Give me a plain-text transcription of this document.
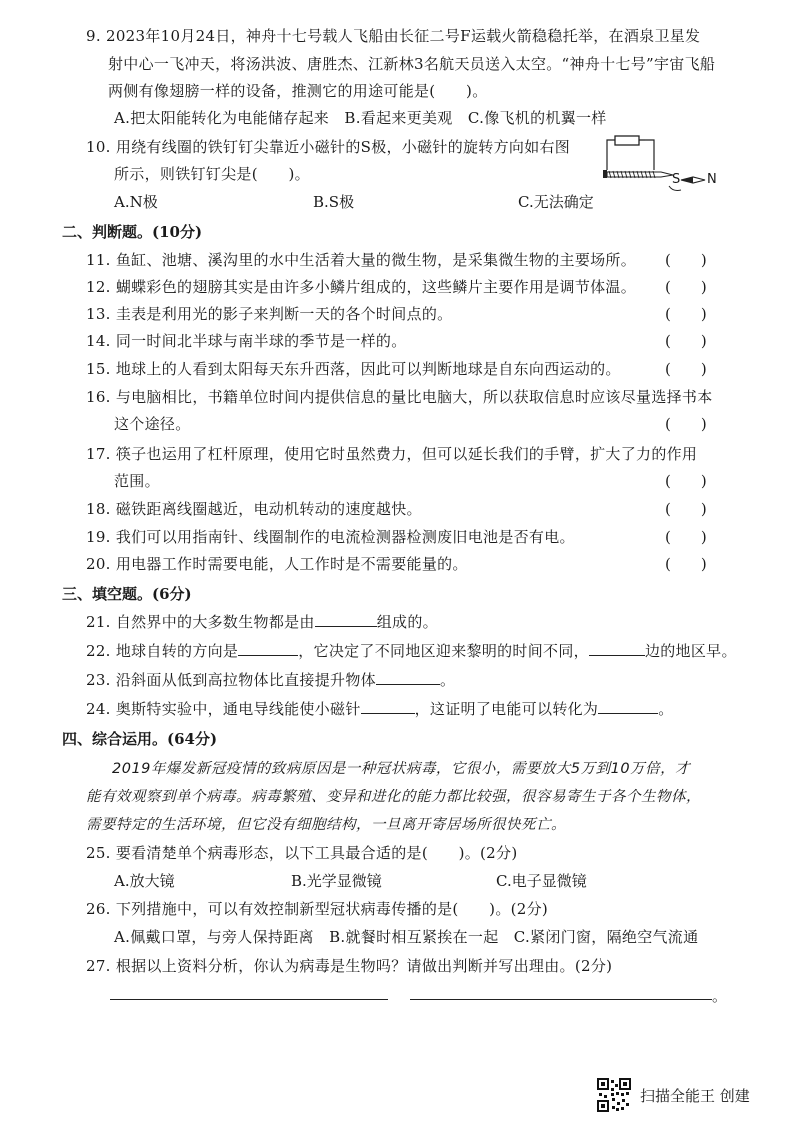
9. 2023年10月24日，神舟十七号载人飞船由长征二号F运载火箭稳稳托举，在酒泉卫星发
射中心一飞冲天，将汤洪波、唐胜杰、江新林3名航天员送入太空。“神舟十七号”宇宙飞船
两侧有像翅膀一样的设备，推测它的用途可能是(　　)。
A.把太阳能转化为电能储存起来　B.看起来更美观　C.像飞机的机翼一样
10. 用绕有线圈的铁钉钉尖靠近小磁针的S极，小磁针的旋转方向如右图
所示，则铁钉钉尖是(　　)。
A.N极	B.S极	C.无法确定
S N
二、判断题。(10分)
11. 鱼缸、池塘、溪沟里的水中生活着大量的微生物，是采集微生物的主要场所。 (　　)
12. 蝴蝶彩色的翅膀其实是由许多小鳞片组成的，这些鳞片主要作用是调节体温。 (　　)
13. 圭表是利用光的影子来判断一天的各个时间点的。	(　　)
14. 同一时间北半球与南半球的季节是一样的。	(　　)
15. 地球上的人看到太阳每天东升西落，因此可以判断地球是自东向西运动的。	(　　)
16. 与电脑相比，书籍单位时间内提供信息的量比电脑大，所以获取信息时应该尽量选择书本
这个途径。	(　　)
17. 筷子也运用了杠杆原理，使用它时虽然费力，但可以延长我们的手臂，扩大了力的作用
范围。	(　　)
18. 磁铁距离线圈越近，电动机转动的速度越快。	(　　)
19. 我们可以用指南针、线圈制作的电流检测器检测废旧电池是否有电。	(　　)
20. 用电器工作时需要电能，人工作时是不需要能量的。	(　　)
三、填空题。(6分)
21. 自然界中的大多数生物都是由	组成的。
22. 地球自转的方向是	，它决定了不同地区迎来黎明的时间不同，	边的地区早。
23. 沿斜面从低到高拉物体比直接提升物体	。
24. 奥斯特实验中，通电导线能使小磁针	，这证明了电能可以转化为	。
四、综合运用。(64分)
2019年爆发新冠疫情的致病原因是一种冠状病毒，它很小，需要放大5万到10万倍，才
能有效观察到单个病毒。病毒繁殖、变异和进化的能力都比较强，很容易寄生于各个生物体，
需要特定的生活环境，但它没有细胞结构，一旦离开寄居场所很快死亡。
25. 要看清楚单个病毒形态，以下工具最合适的是(　　)。(2分)
A.放大镜	B.光学显微镜	C.电子显微镜
26. 下列措施中，可以有效控制新型冠状病毒传播的是(　　)。(2分)
A.佩戴口罩，与旁人保持距离　B.就餐时相互紧挨在一起　C.紧闭门窗，隔绝空气流通
27. 根据以上资料分析，你认为病毒是生物吗？请做出判断并写出理由。(2分)
。
扫描全能王 创建
